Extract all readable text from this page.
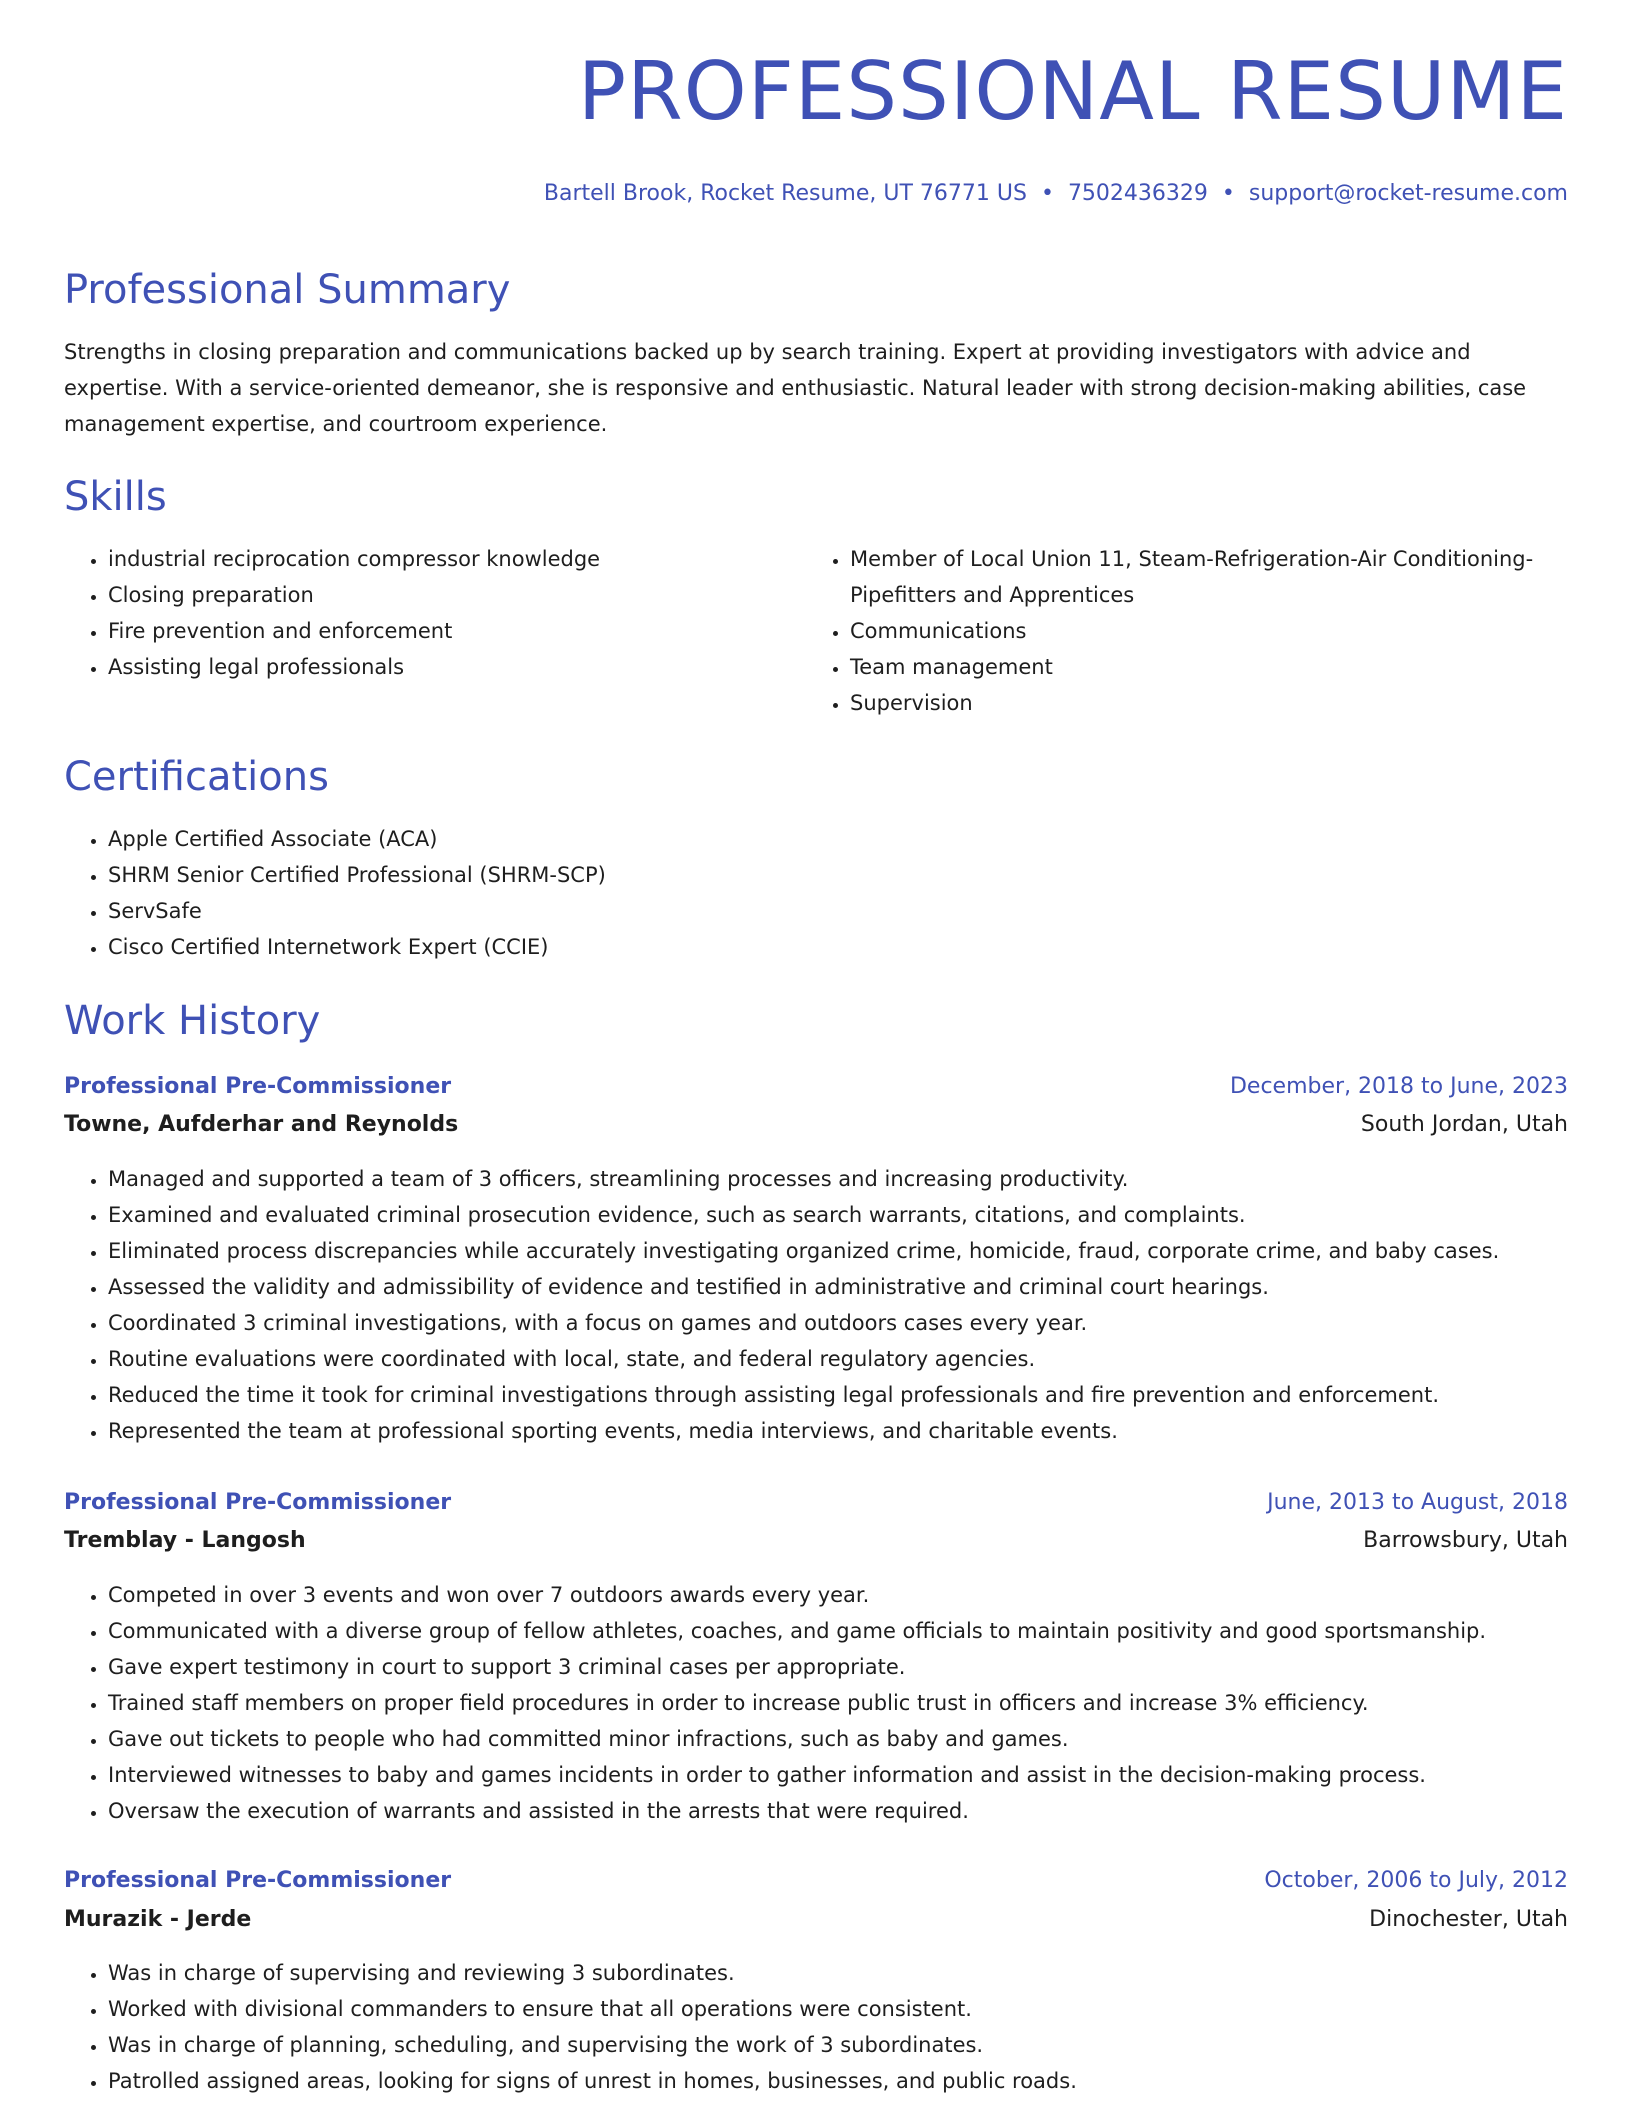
PROFESSIONAL RESUME
Bartell Brook, Rocket Resume, UT 76771 US • 7502436329 • support@rocket-resume.com
Professional Summary

Strengths in closing preparation and communications backed up by search training. Expert at providing investigators with advice and expertise. With a service-oriented demeanor, she is responsive and enthusiastic. Natural leader with strong decision-making abilities, case management expertise, and courtroom experience.

Skills
• industrial reciprocation compressor knowledge
• Closing preparation
• Fire prevention and enforcement
• Assisting legal professionals
• Member of Local Union 11, Steam-Refrigeration-Air Conditioning-Pipefitters and Apprentices
• Communications
• Team management
• Supervision
Certifications
• Apple Certified Associate (ACA)
• SHRM Senior Certified Professional (SHRM-SCP)
• ServSafe
• Cisco Certified Internetwork Expert (CCIE)
Work History
Professional Pre-Commissioner	December, 2018 to June, 2023
Towne, Aufderhar and Reynolds	South Jordan, Utah
• Managed and supported a team of 3 officers, streamlining processes and increasing productivity.
• Examined and evaluated criminal prosecution evidence, such as search warrants, citations, and complaints.
• Eliminated process discrepancies while accurately investigating organized crime, homicide, fraud, corporate crime, and baby cases.
• Assessed the validity and admissibility of evidence and testified in administrative and criminal court hearings.
• Coordinated 3 criminal investigations, with a focus on games and outdoors cases every year.
• Routine evaluations were coordinated with local, state, and federal regulatory agencies.
• Reduced the time it took for criminal investigations through assisting legal professionals and fire prevention and enforcement.
• Represented the team at professional sporting events, media interviews, and charitable events.
Professional Pre-Commissioner	June, 2013 to August, 2018
Tremblay - Langosh	Barrowsbury, Utah
• Competed in over 3 events and won over 7 outdoors awards every year.
• Communicated with a diverse group of fellow athletes, coaches, and game officials to maintain positivity and good sportsmanship.
• Gave expert testimony in court to support 3 criminal cases per appropriate.
• Trained staff members on proper field procedures in order to increase public trust in officers and increase 3% efficiency.
• Gave out tickets to people who had committed minor infractions, such as baby and games.
• Interviewed witnesses to baby and games incidents in order to gather information and assist in the decision-making process.
• Oversaw the execution of warrants and assisted in the arrests that were required.
Professional Pre-Commissioner	October, 2006 to July, 2012
Murazik - Jerde	Dinochester, Utah
• Was in charge of supervising and reviewing 3 subordinates.
• Worked with divisional commanders to ensure that all operations were consistent.
• Was in charge of planning, scheduling, and supervising the work of 3 subordinates.
• Patrolled assigned areas, looking for signs of unrest in homes, businesses, and public roads.
